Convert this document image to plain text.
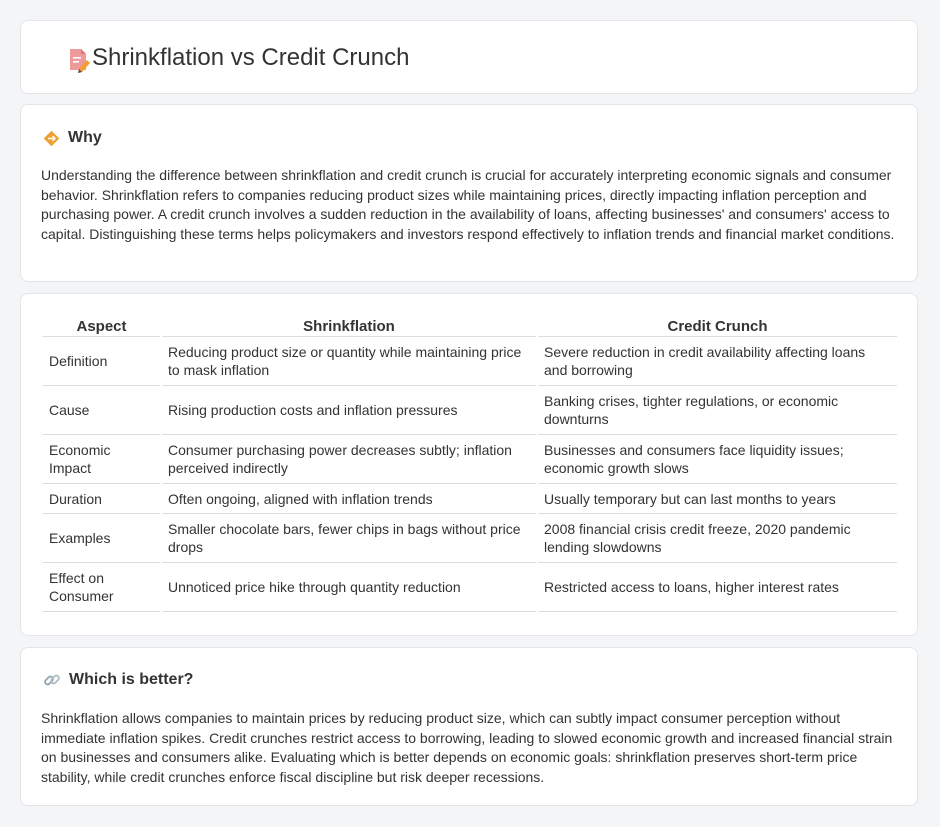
Shrinkflation vs Credit Crunch
Why

Understanding the difference between shrinkflation and credit crunch is crucial for accurately interpreting economic signals and consumer behavior. Shrinkflation refers to companies reducing product sizes while maintaining prices, directly impacting inflation perception and purchasing power. A credit crunch involves a sudden reduction in the availability of loans, affecting businesses' and consumers' access to capital. Distinguishing these terms helps policymakers and investors respond effectively to inflation trends and financial market conditions.

Aspect	Shrinkflation	Credit Crunch
Definition	Reducing product size or quantity while maintaining price to mask inflation	Severe reduction in credit availability affecting loans and borrowing
Cause	Rising production costs and inflation pressures	Banking crises, tighter regulations, or economic downturns
Economic Impact	Consumer purchasing power decreases subtly; inflation perceived indirectly	Businesses and consumers face liquidity issues; economic growth slows
Duration	Often ongoing, aligned with inflation trends	Usually temporary but can last months to years
Examples	Smaller chocolate bars, fewer chips in bags without price drops	2008 financial crisis credit freeze, 2020 pandemic lending slowdowns
Effect on Consumer	Unnoticed price hike through quantity reduction	Restricted access to loans, higher interest rates
Which is better?

Shrinkflation allows companies to maintain prices by reducing product size, which can subtly impact consumer perception without immediate inflation spikes. Credit crunches restrict access to borrowing, leading to slowed economic growth and increased financial strain on businesses and consumers alike. Evaluating which is better depends on economic goals: shrinkflation preserves short-term price stability, while credit crunches enforce fiscal discipline but risk deeper recessions.
